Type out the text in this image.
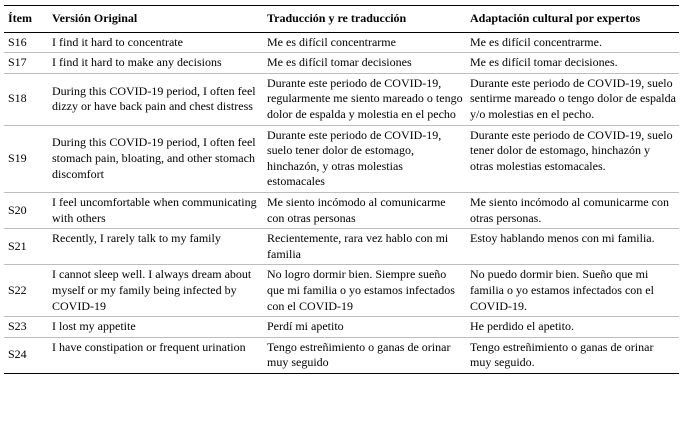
Ítem	Versión Original	Traducción y re traducción	Adaptación cultural por expertos
S16	I find it hard to concentrate	Me es difícil concentrarme	Me es difícil concentrarme.
S17	I find it hard to make any decisions	Me es difícil tomar decisiones	Me es difícil tomar decisiones.
S18	During this COVID-19 period, I often feel dizzy or have back pain and chest distress	Durante este periodo de COVID-19, regularmente me siento mareado o tengo dolor de espalda y molestia en el pecho	Durante este periodo de COVID-19, suelo sentirme mareado o tengo dolor de espalda y/o molestias en el pecho.
S19	During this COVID-19 period, I often feel stomach pain, bloating, and other stomach discomfort	Durante este periodo de COVID-19, suelo tener dolor de estomago, hinchazón, y otras molestias estomacales	Durante este periodo de COVID-19, suelo tener dolor de estomago, hinchazón y otras molestias estomacales.
S20	I feel uncomfortable when communicating with others	Me siento incómodo al comunicarme con otras personas	Me siento incómodo al comunicarme con otras personas.
S21	Recently, I rarely talk to my family	Recientemente, rara vez hablo con mi familia	Estoy hablando menos con mi familia.
S22	I cannot sleep well. I always dream about myself or my family being infected by COVID-19	No logro dormir bien. Siempre sueño que mi familia o yo estamos infectados con el COVID-19	No puedo dormir bien. Sueño que mi familia o yo estamos infectados con el COVID-19.
S23	I lost my appetite	Perdí mi apetito	He perdido el apetito.
S24	I have constipation or frequent urination	Tengo estreñimiento o ganas de orinar muy seguido	Tengo estreñimiento o ganas de orinar muy seguido.
